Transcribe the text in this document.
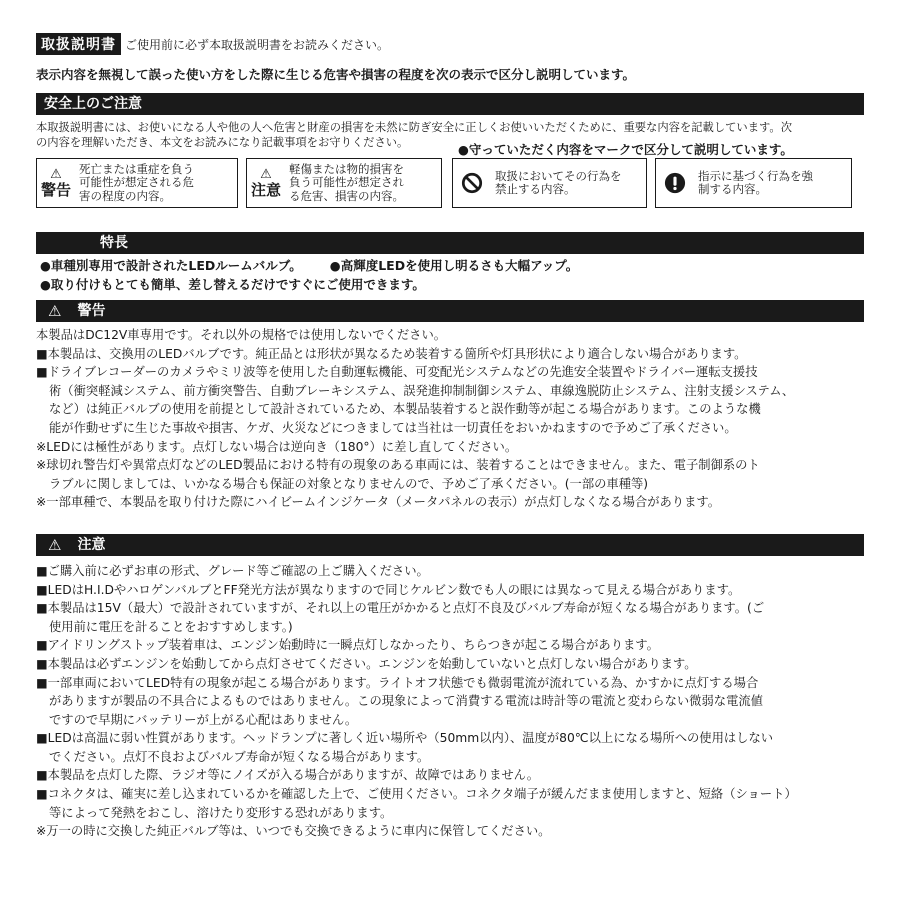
取扱説明書 ご使用前に必ず本取扱説明書をお読みください。
表示内容を無視して誤った使い方をした際に生じる危害や損害の程度を次の表示で区分し説明しています。
安全上のご注意
本取扱説明書には、お使いになる人や他の人へ危害と財産の損害を未然に防ぎ安全に正しくお使いいただくために、重要な内容を記載しています。次
の内容を理解いただき、本文をお読みになり記載事項をお守りください。	●守っていただく内容をマークで区分して説明しています。
⚠
警告
死亡または重症を負う
可能性が想定される危
害の程度の内容。
⚠
注意
軽傷または物的損害を
負う可能性が想定され
る危害、損害の内容。
取扱においてその行為を
禁止する内容。
指示に基づく行為を強
制する内容。
特長
●車種別専用で設計されたLEDルームバルブ。 ●高輝度LEDを使用し明るさも大幅アップ。
●取り付けもとても簡単、差し替えるだけですぐにご使用できます。
⚠ 警告
本製品はDC12V車専用です。それ以外の規格では使用しないでください。
■本製品は、交換用のLEDバルブです。純正品とは形状が異なるため装着する箇所や灯具形状により適合しない場合があります。
■ドライブレコーダーのカメラやミリ波等を使用した自動運転機能、可変配光システムなどの先進安全装置やドライバー運転支援技
術（衝突軽減システム、前方衝突警告、自動ブレーキシステム、誤発進抑制制御システム、車線逸脱防止システム、注射支援システム、
など）は純正バルブの使用を前提として設計されているため、本製品装着すると誤作動等が起こる場合があります。このような機
能が作動せずに生じた事故や損害、ケガ、火災などにつきましては当社は一切責任をおいかねますので予めご了承ください。
※LEDには極性があります。点灯しない場合は逆向き（180°）に差し直してください。
※球切れ警告灯や異常点灯などのLED製品における特有の現象のある車両には、装着することはできません。また、電子制御系のト
ラブルに関しましては、いかなる場合も保証の対象となりませんので、予めご了承ください。(一部の車種等)
※一部車種で、本製品を取り付けた際にハイビームインジケータ（メータパネルの表示）が点灯しなくなる場合があります。
⚠ 注意
■ご購入前に必ずお車の形式、グレード等ご確認の上ご購入ください。
■LEDはH.I.DやハロゲンバルブとFF発光方法が異なりますので同じケルビン数でも人の眼には異なって見える場合があります。
■本製品は15V（最大）で設計されていますが、それ以上の電圧がかかると点灯不良及びバルブ寿命が短くなる場合があります。(ご
使用前に電圧を計ることをおすすめします。)
■アイドリングストップ装着車は、エンジン始動時に一瞬点灯しなかったり、ちらつきが起こる場合があります。
■本製品は必ずエンジンを始動してから点灯させてください。エンジンを始動していないと点灯しない場合があります。
■一部車両においてLED特有の現象が起こる場合があります。ライトオフ状態でも微弱電流が流れている為、かすかに点灯する場合
がありますが製品の不具合によるものではありません。この現象によって消費する電流は時計等の電流と変わらない微弱な電流値
ですので早期にバッテリーが上がる心配はありません。
■LEDは高温に弱い性質があります。ヘッドランプに著しく近い場所や（50mm以内）、温度が80℃以上になる場所への使用はしない
でください。点灯不良およびバルブ寿命が短くなる場合があります。
■本製品を点灯した際、ラジオ等にノイズが入る場合がありますが、故障ではありません。
■コネクタは、確実に差し込まれているかを確認した上で、ご使用ください。コネクタ端子が緩んだまま使用しますと、短絡（ショート）
等によって発熱をおこし、溶けたり変形する恐れがあります。
※万一の時に交換した純正バルブ等は、いつでも交換できるように車内に保管してください。
